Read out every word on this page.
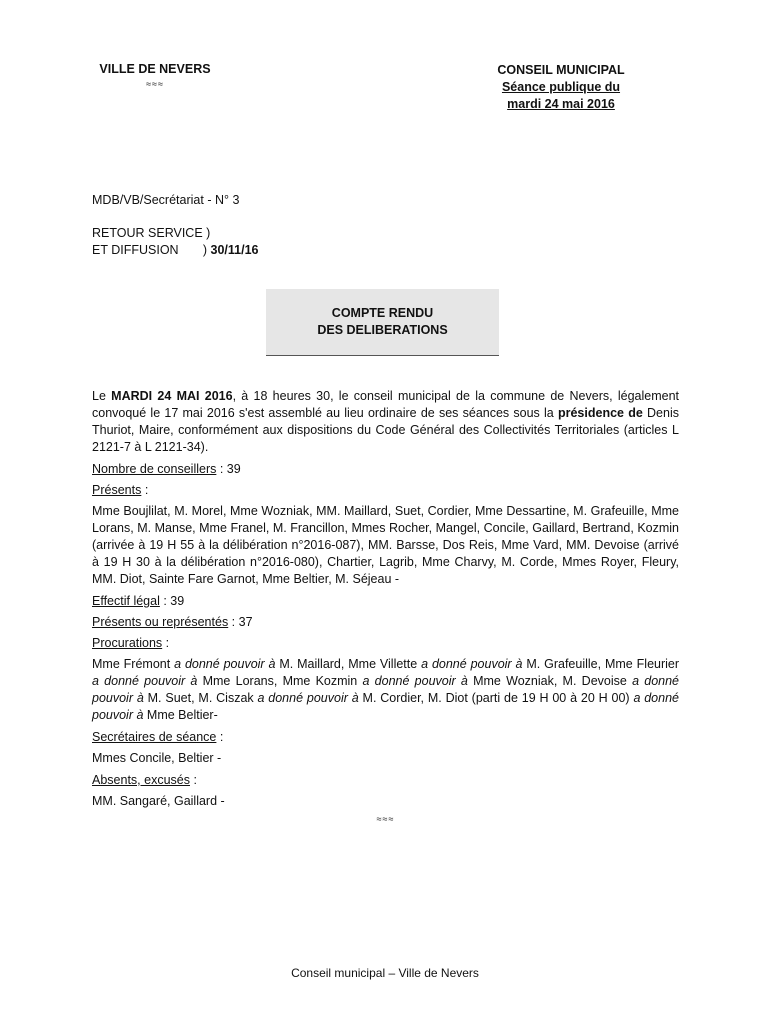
VILLE DE NEVERS
≈≈≈
CONSEIL MUNICIPAL
Séance publique du
mardi 24 mai 2016
MDB/VB/Secrétariat - N° 3
RETOUR SERVICE )
ET DIFFUSION       ) 30/11/16
COMPTE RENDU
DES DELIBERATIONS

Le MARDI 24 MAI 2016, à 18 heures 30, le conseil municipal de la commune de Nevers, légalement convoqué le 17 mai 2016 s'est assemblé au lieu ordinaire de ses séances sous la présidence de Denis Thuriot, Maire, conformément aux dispositions du Code Général des Collectivités Territoriales (articles L 2121-7 à L 2121-34).

Nombre de conseillers : 39

Présents :

Mme Boujlilat, M. Morel, Mme Wozniak, MM. Maillard, Suet, Cordier, Mme Dessartine, M. Grafeuille, Mme Lorans, M. Manse, Mme Franel, M. Francillon, Mmes Rocher, Mangel, Concile, Gaillard, Bertrand, Kozmin (arrivée à 19 H 55 à la délibération n°2016-087), MM. Barsse, Dos Reis, Mme Vard, MM. Devoise (arrivé à 19 H 30 à la délibération n°2016-080), Chartier, Lagrib, Mme Charvy, M. Corde, Mmes Royer, Fleury, MM. Diot, Sainte Fare Garnot, Mme Beltier, M. Séjeau -

Effectif légal : 39

Présents ou représentés : 37

Procurations :

Mme Frémont a donné pouvoir à M. Maillard, Mme Villette a donné pouvoir à M. Grafeuille, Mme Fleurier a donné pouvoir à Mme Lorans, Mme Kozmin a donné pouvoir à Mme Wozniak, M. Devoise a donné pouvoir à M. Suet, M. Ciszak a donné pouvoir à M. Cordier, M. Diot (parti de 19 H 00 à 20 H 00) a donné pouvoir à Mme Beltier-

Secrétaires de séance :

Mmes Concile, Beltier -

Absents, excusés :

MM. Sangaré, Gaillard -

≈≈≈
Conseil municipal – Ville de Nevers
